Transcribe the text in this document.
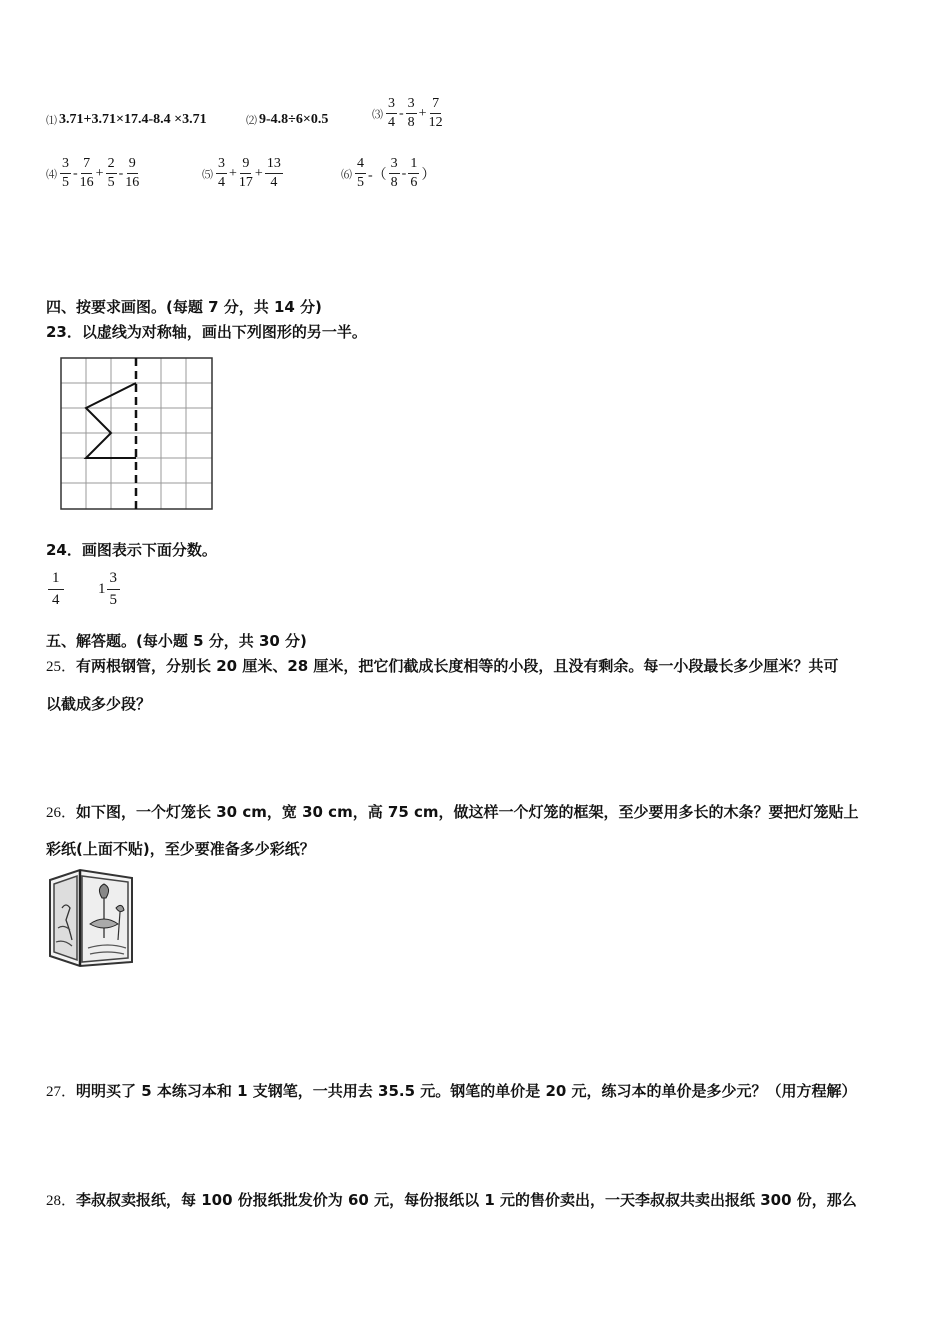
⑴ 3.71+3.71×17.4-8.4 ×3.71	⑵ 9-4.8÷6×0.5	⑶ $\frac{3}{4} - \frac{3}{8} + \frac{7}{12}$
⑷ $\frac{3}{5} - \frac{7}{16} + \frac{2}{5} - \frac{9}{16}$	⑸ $\frac{3}{4} + \frac{9}{17} + \frac{13}{4}$	⑹ $\frac{4}{5}$ -（ $\frac{3}{8} - \frac{1}{6}$ ）
四、按要求画图。(每题 7 分，共 14 分)
23．以虚线为对称轴，画出下列图形的另一半。
24．画图表示下面分数。
$\frac{1}{4} 1 \frac{3}{5}$
五、解答题。(每小题 5 分，共 30 分)
25．有两根钢管，分别长 20 厘米、28 厘米，把它们截成长度相等的小段，且没有剩余。每一小段最长多少厘米？共可
以截成多少段？
26．如下图，一个灯笼长 30 cm，宽 30 cm，高 75 cm，做这样一个灯笼的框架，至少要用多长的木条？要把灯笼贴上
彩纸(上面不贴)，至少要准备多少彩纸？
27．明明买了 5 本练习本和 1 支钢笔，一共用去 35.5 元。钢笔的单价是 20 元，练习本的单价是多少元？（用方程解）
28．李叔叔卖报纸，每 100 份报纸批发价为 60 元，每份报纸以 1 元的售价卖出，一天李叔叔共卖出报纸 300 份，那么
